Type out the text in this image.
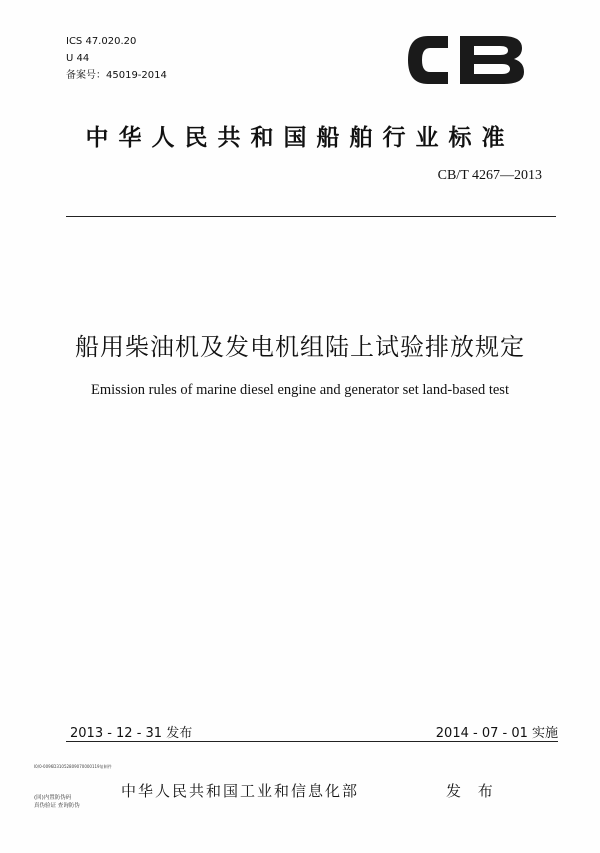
ICS 47.020.20
U 44
备案号：45019-2014
中华人民共和国船舶行业标准
CB/T 4267—2013
船用柴油机及发电机组陆上试验排放规定
Emission rules of marine diesel engine and generator set land-based test
2013 - 12 - 31 发布	2014 - 07 - 01 实施
Ⅰ0/0-0096D31052809070000119复制件
(回)内置防伪码
真伪验证 查询防伪
中华人民共和国工业和信息化部	发 布
